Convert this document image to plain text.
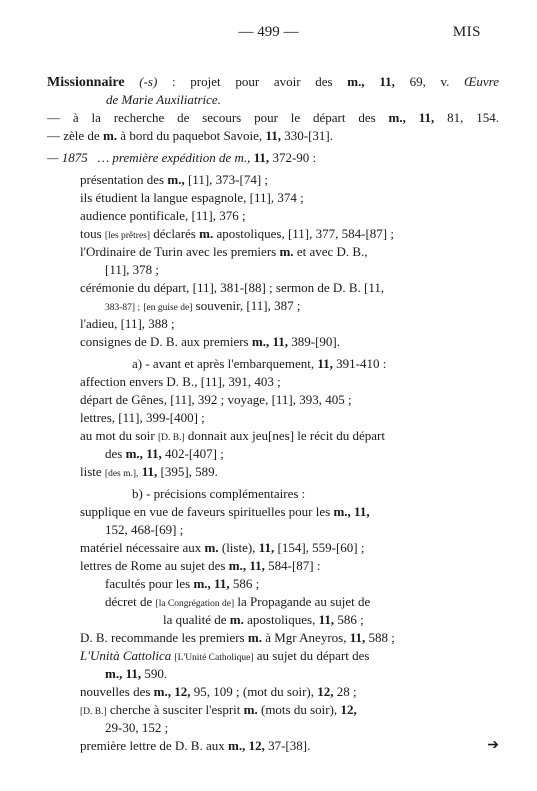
— 499 —	MIS
Missionnaire (-s) : projet pour avoir des m., 11, 69, v. Œuvre
de Marie Auxiliatrice.
— à la recherche de secours pour le départ des m., 11, 81, 154.
— zèle de m. à bord du paquebot Savoie, 11, 330-[31].
— 1875 … première expédition de m., 11, 372-90 :
présentation des m., [11], 373-[74] ;
ils étudient la langue espagnole, [11], 374 ;
audience pontificale, [11], 376 ;
tous [les prêtres] déclarés m. apostoliques, [11], 377, 584-[87] ;
l'Ordinaire de Turin avec les premiers m. et avec D. B.,
[11], 378 ;
cérémonie du départ, [11], 381-[88] ; sermon de D. B. [11,
383-87] ; [en guise de] souvenir, [11], 387 ;
l'adieu, [11], 388 ;
consignes de D. B. aux premiers m., 11, 389-[90].
a) - avant et après l'embarquement, 11, 391-410 :
affection envers D. B., [11], 391, 403 ;
départ de Gênes, [11], 392 ; voyage, [11], 393, 405 ;
lettres, [11], 399-[400] ;
au mot du soir [D. B.] donnait aux jeu[nes] le récit du départ
des m., 11, 402-[407] ;
liste [des m.], 11, [395], 589.
b) - précisions complémentaires :
supplique en vue de faveurs spirituelles pour les m., 11,
152, 468-[69] ;
matériel nécessaire aux m. (liste), 11, [154], 559-[60] ;
lettres de Rome au sujet des m., 11, 584-[87] :
facultés pour les m., 11, 586 ;
décret de [la Congrégation de] la Propagande au sujet de
la qualité de m. apostoliques, 11, 586 ;
D. B. recommande les premiers m. à Mgr Aneyros, 11, 588 ;
L'Unità Cattolica [L'Unité Catholique] au sujet du départ des
m., 11, 590.
nouvelles des m., 12, 95, 109 ; (mot du soir), 12, 28 ;
[D. B.] cherche à susciter l'esprit m. (mots du soir), 12,
29-30, 152 ;
première lettre de D. B. aux m., 12, 37-[38].	➔
